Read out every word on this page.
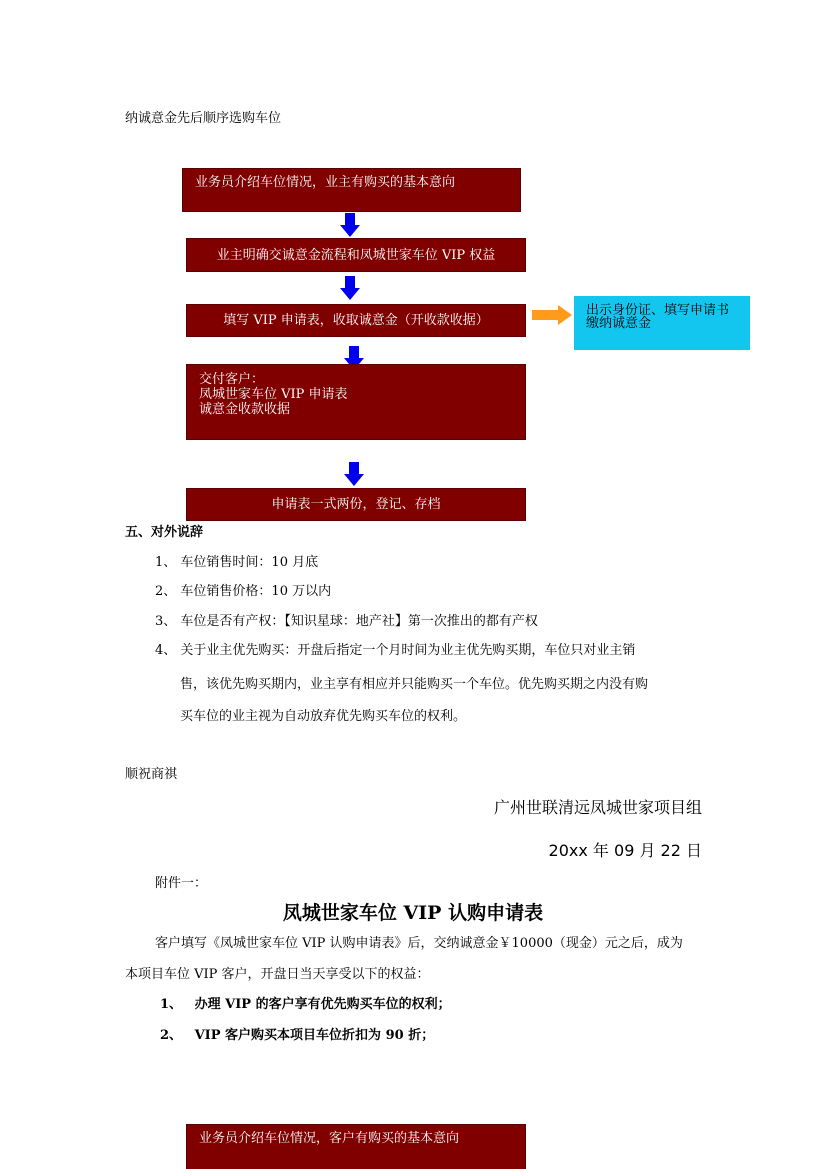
纳诚意金先后顺序选购车位
业务员介绍车位情况，业主有购买的基本意向
业主明确交诚意金流程和凤城世家车位 VIP 权益
填写 VIP 申请表，收取诚意金（开收款收据）
出示身份证、填写申请书
缴纳诚意金
交付客户：
凤城世家车位 VIP 申请表
诚意金收款收据
申请表一式两份，登记、存档
五、对外说辞
1、 车位销售时间：10 月底
2、 车位销售价格：10 万以内
3、 车位是否有产权：【知识星球：地产社】第一次推出的都有产权
4、 关于业主优先购买：开盘后指定一个月时间为业主优先购买期，车位只对业主销
售，该优先购买期内，业主享有相应并只能购买一个车位。优先购买期之内没有购
买车位的业主视为自动放弃优先购买车位的权利。
顺祝商祺
广州世联清远凤城世家项目组
20xx 年 09 月 22 日
附件一：
凤城世家车位 VIP 认购申请表
客户填写《凤城世家车位 VIP 认购申请表》后，交纳诚意金￥10000（现金）元之后，成为
本项目车位 VIP 客户，开盘日当天享受以下的权益：
1、 办理 VIP 的客户享有优先购买车位的权利；
2、 VIP 客户购买本项目车位折扣为 90 折；
业务员介绍车位情况，客户有购买的基本意向
